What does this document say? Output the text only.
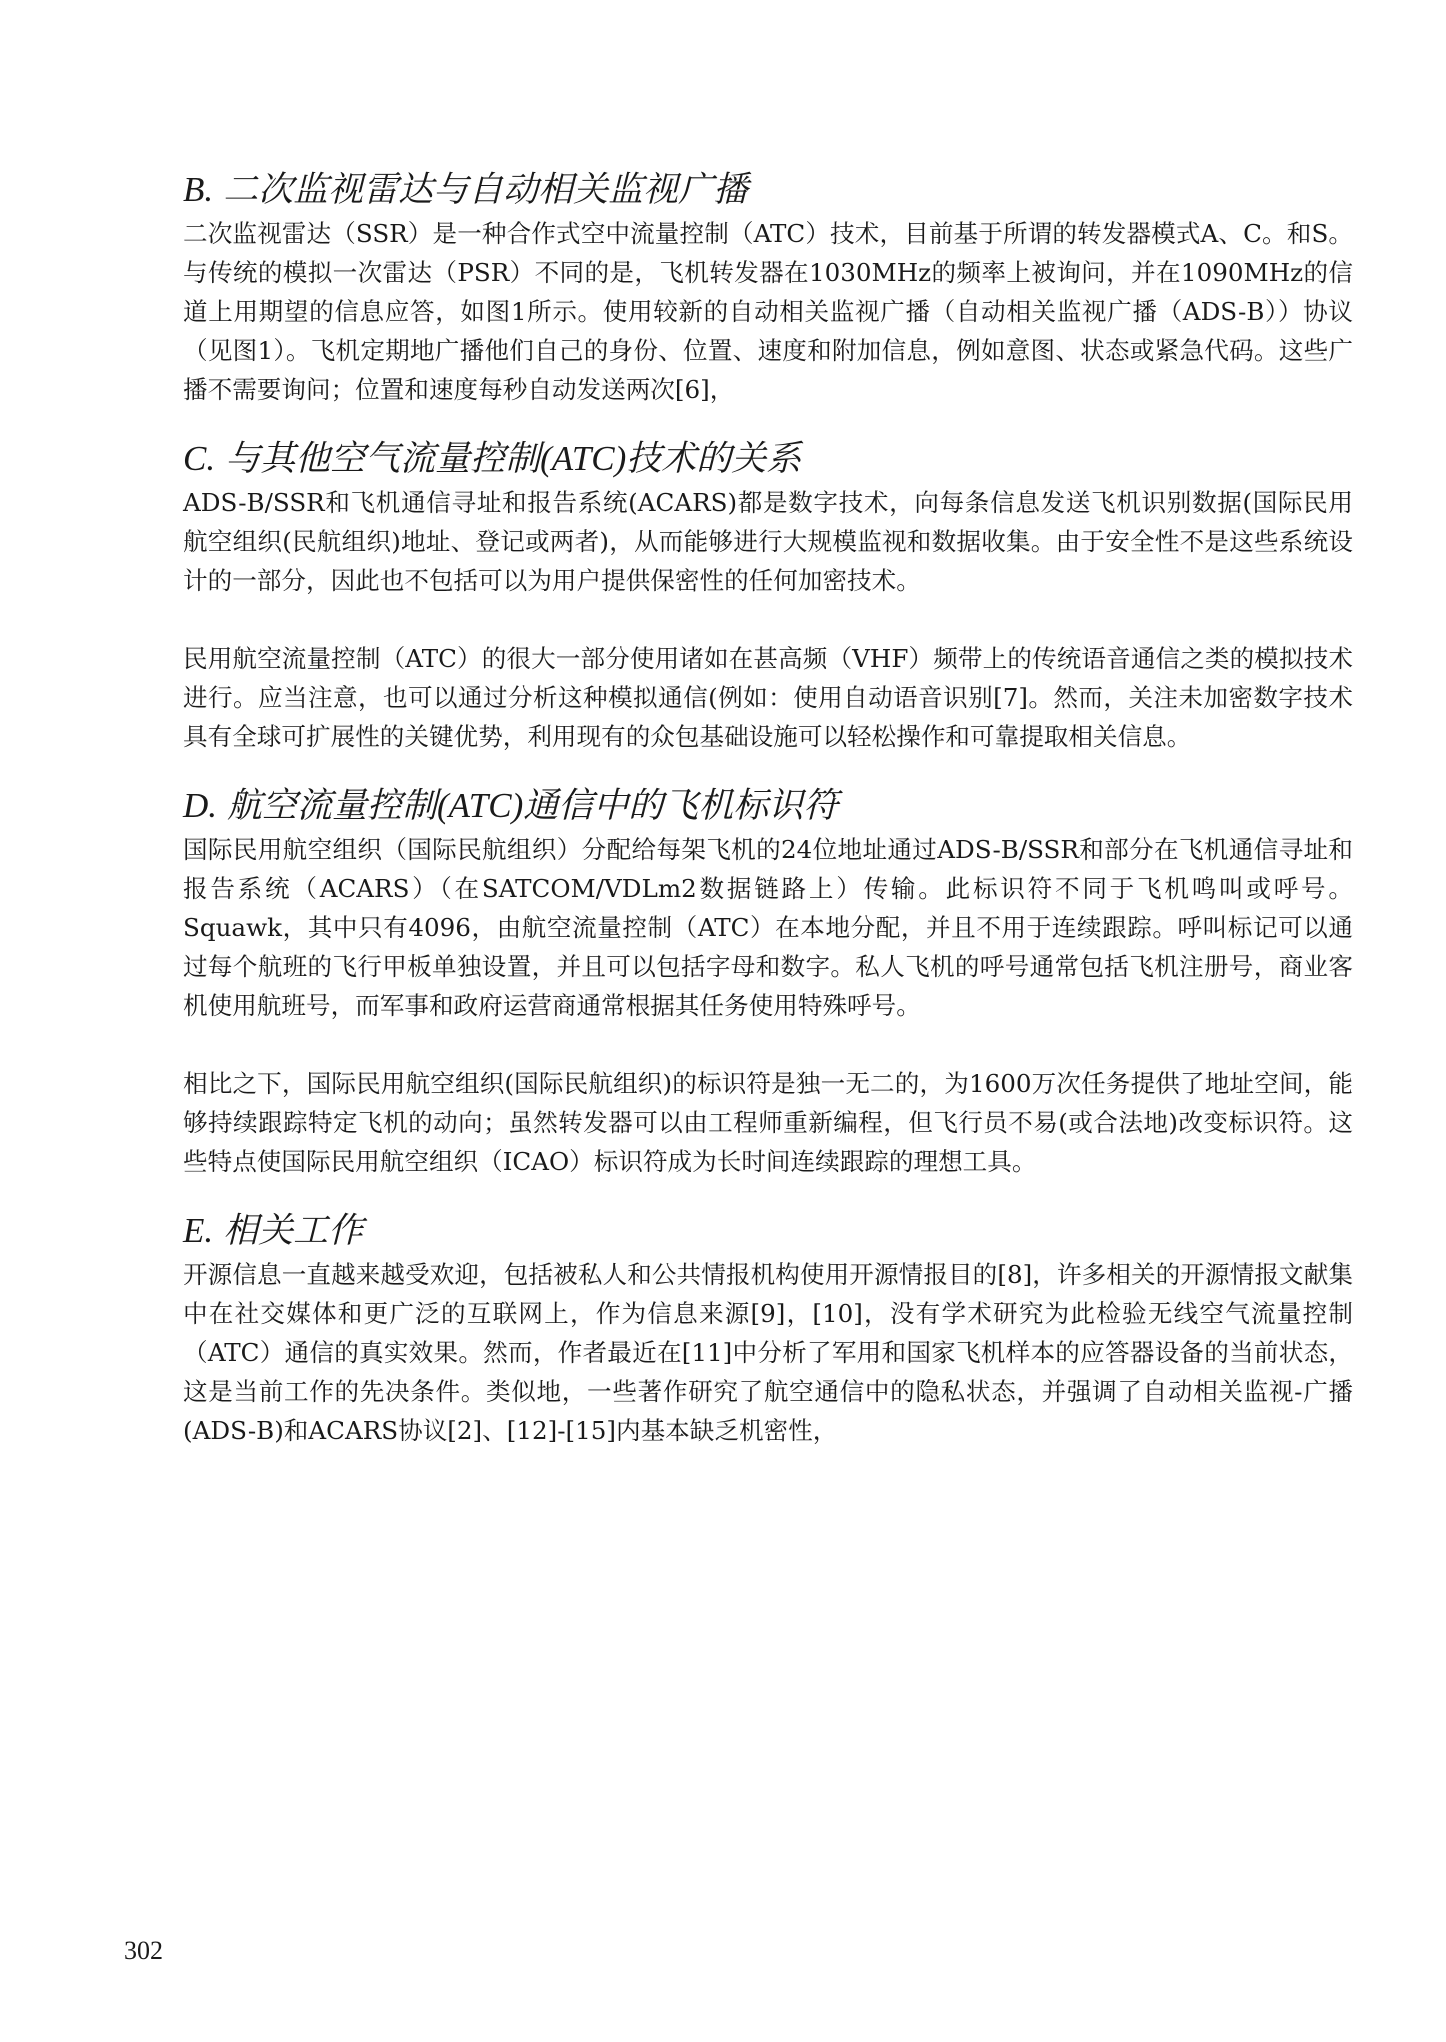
B. 二次监视雷达与自动相关监视广播

二次监视雷达（SSR）是一种合作式空中流量控制（ATC）技术，目前基于所谓的转发器模式A、C。和S。与传统的模拟一次雷达（PSR）不同的是，飞机转发器在1030MHz的频率上被询问，并在1090MHz的信道上用期望的信息应答，如图1所示。使用较新的自动相关监视广播（自动相关监视广播（ADS-B））协议（见图1）。飞机定期地广播他们自己的身份、位置、速度和附加信息，例如意图、状态或紧急代码。这些广播不需要询问；位置和速度每秒自动发送两次[6]，

C. 与其他空气流量控制(ATC)技术的关系

ADS-B/SSR和飞机通信寻址和报告系统(ACARS)都是数字技术，向每条信息发送飞机识别数据(国际民用航空组织(民航组织)地址、登记或两者)，从而能够进行大规模监视和数据收集。由于安全性不是这些系统设计的一部分，因此也不包括可以为用户提供保密性的任何加密技术。

民用航空流量控制（ATC）的很大一部分使用诸如在甚高频（VHF）频带上的传统语音通信之类的模拟技术进行。应当注意，也可以通过分析这种模拟通信(例如：使用自动语音识别[7]。然而，关注未加密数字技术具有全球可扩展性的关键优势，利用现有的众包基础设施可以轻松操作和可靠提取相关信息。

D. 航空流量控制(ATC)通信中的飞机标识符

国际民用航空组织（国际民航组织）分配给每架飞机的24位地址通过ADS-B/SSR和部分在飞机通信寻址和报告系统（ACARS）（在SATCOM/VDLm2数据链路上）传输。此标识符不同于飞机鸣叫或呼号。Squawk，其中只有4096，由航空流量控制（ATC）在本地分配，并且不用于连续跟踪。呼叫标记可以通过每个航班的飞行甲板单独设置，并且可以包括字母和数字。私人飞机的呼号通常包括飞机注册号，商业客机使用航班号，而军事和政府运营商通常根据其任务使用特殊呼号。

相比之下，国际民用航空组织(国际民航组织)的标识符是独一无二的，为1600万次任务提供了地址空间，能够持续跟踪特定飞机的动向；虽然转发器可以由工程师重新编程，但飞行员不易(或合法地)改变标识符。这些特点使国际民用航空组织（ICAO）标识符成为长时间连续跟踪的理想工具。

E. 相关工作

开源信息一直越来越受欢迎，包括被私人和公共情报机构使用开源情报目的[8]，许多相关的开源情报文献集中在社交媒体和更广泛的互联网上，作为信息来源[9]，[10]，没有学术研究为此检验无线空气流量控制（ATC）通信的真实效果。然而，作者最近在[11]中分析了军用和国家飞机样本的应答器设备的当前状态，这是当前工作的先决条件。类似地，一些著作研究了航空通信中的隐私状态，并强调了自动相关监视-广播(ADS-B)和ACARS协议[2]、[12]-[15]内基本缺乏机密性，

302
